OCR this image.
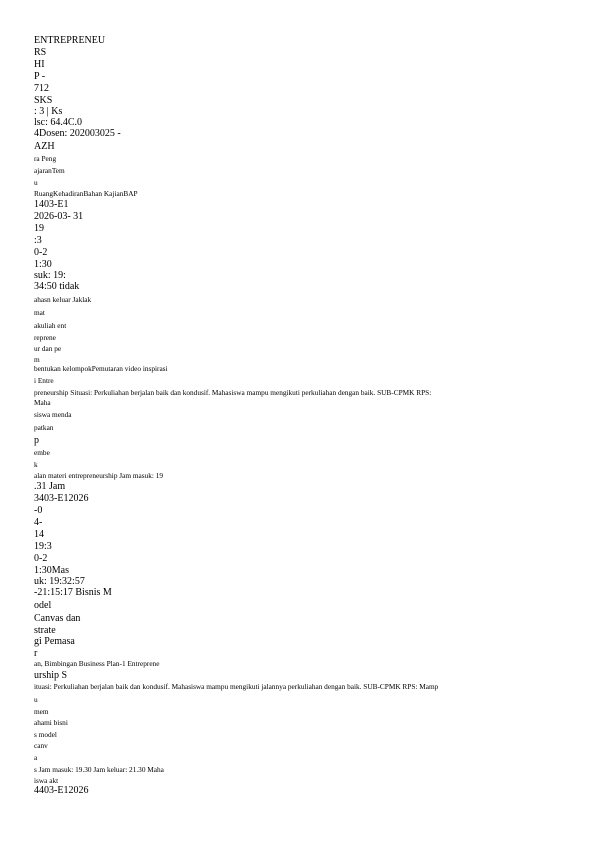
ENTREPRENEU
RS
HI
P -
712
SKS
: 3 | Ks
lsc: 64.4C.0
4Dosen: 202003025 -
AZH
ra Peng
ajaranTem
u
RuangKehadiranBahan KajianBAP
1403-E1
2026-03- 31
19
:3
0-2
1:30
suk: 19:
34:50 tidak
ahasn keluar Jaklak
mat
akuliah ent
reprene
ur dan pe
m
bentukan kelompokPemutaran video inspirasi
i Entre
preneurship Situasi: Perkuliahan berjalan baik dan kondusif. Mahasiswa mampu mengikuti perkuliahan dengan baik. SUB-CPMK RPS:
Maha
siswa menda
patkan
p
embe
k
alan materi entrepreneurship Jam masuk: 19
.31 Jam
3403-E12026
-0
4-
14
19:3
0-2
1:30Mas
uk: 19:32:57
-21:15:17 Bisnis M
odel
Canvas dan
strate
gi Pemasa
r
an, Bimbingan Business Plan-1 Entreprene
urship S
ituasi: Perkuliahan berjalan baik dan kondusif. Mahasiswa mampu mengikuti jalannya perkuliahan dengan baik. SUB-CPMK RPS: Mamp
u
mem
ahami bisni
s model
canv
a
s Jam masuk: 19.30 Jam keluar: 21.30 Maha
iswa akt
4403-E12026
